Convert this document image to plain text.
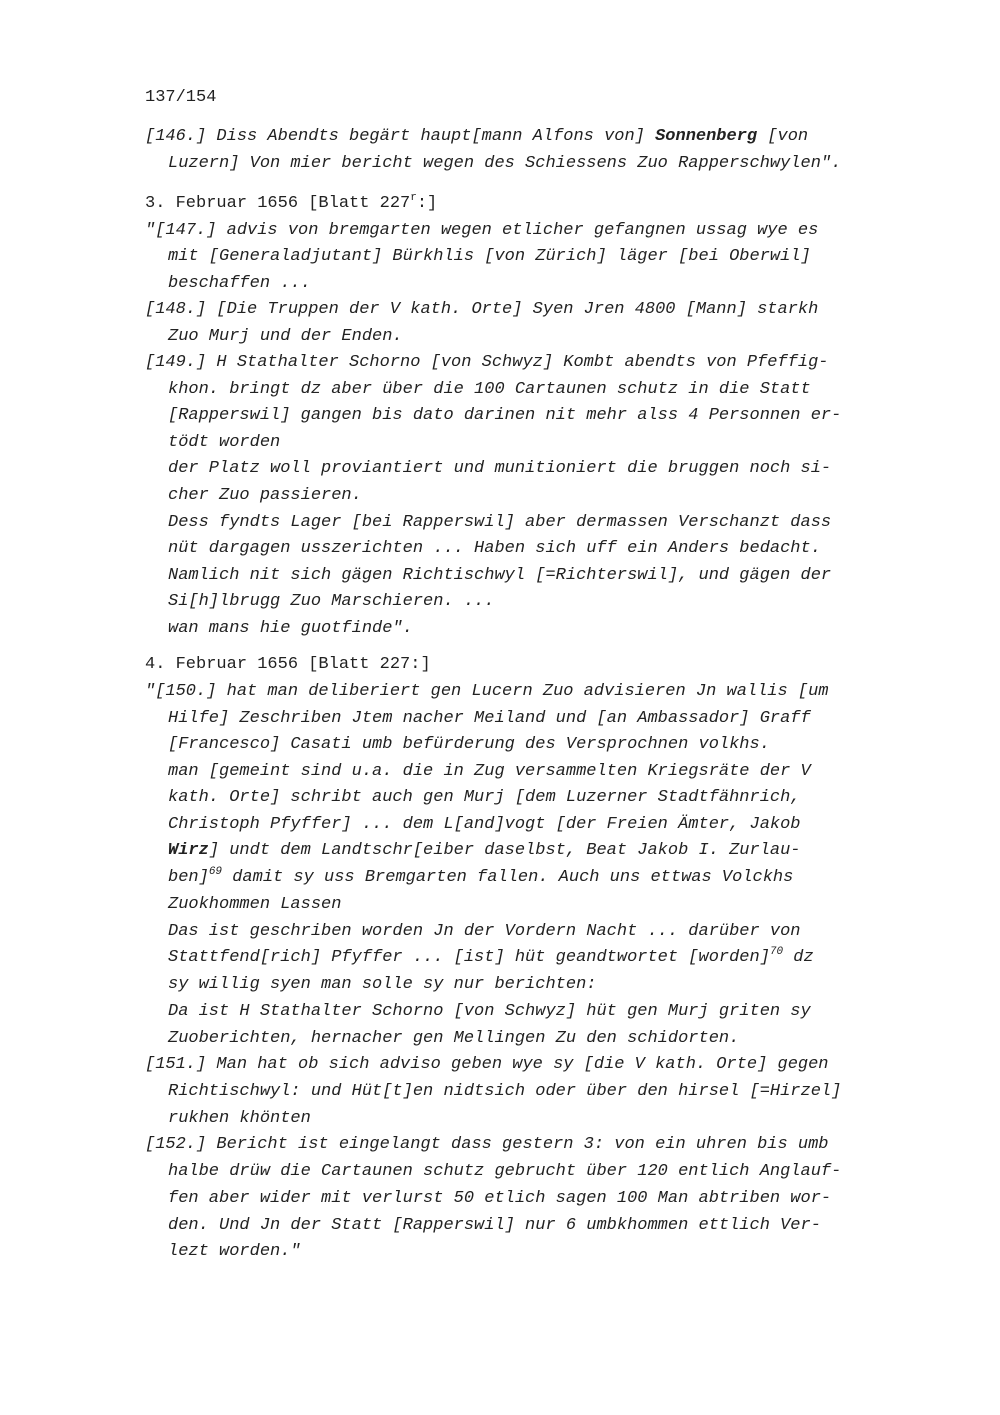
137/154
[146.] Diss Abendts begärt haupt[mann Alfons von] Sonnenberg [von
Luzern] Von mier bericht wegen des Schiessens Zuo Rapperschwylen".
3. Februar 1656 [Blatt 227$^r$:]
"[147.] advis von bremgarten wegen etlicher gefangnen ussag wye es
mit [Generaladjutant] Bürkhlis [von Zürich] läger [bei Oberwil]
beschaffen ...
[148.] [Die Truppen der V kath. Orte] Syen Jren 4800 [Mann] starkh
Zuo Murj und der Enden.
[149.] H Stathalter Schorno [von Schwyz] Kombt abendts von Pfeffig-
khon. bringt dz aber über die 100 Cartaunen schutz in die Statt
[Rapperswil] gangen bis dato darinen nit mehr alss 4 Personnen er-
tödt worden
der Platz woll proviantiert und munitioniert die bruggen noch si-
cher Zuo passieren.
Dess fyndts Lager [bei Rapperswil] aber dermassen Verschanzt dass
nüt dargagen usszerichten ... Haben sich uff ein Anders bedacht.
Namlich nit sich gägen Richtischwyl [=Richterswil], und gägen der
Si[h]lbrugg Zuo Marschieren. ...
wan mans hie guotfinde".
4. Februar 1656 [Blatt 227:]
"[150.] hat man deliberiert gen Lucern Zuo advisieren Jn wallis [um
Hilfe] Zeschriben Jtem nacher Meiland und [an Ambassador] Graff
[Francesco] Casati umb befürderung des Versprochnen volkhs.
man [gemeint sind u.a. die in Zug versammelten Kriegsräte der V
kath. Orte] schribt auch gen Murj [dem Luzerner Stadtfähnrich,
Christoph Pfyffer] ... dem L[and]vogt [der Freien Ämter, Jakob
Wirz] undt dem Landtschr[eiber daselbst, Beat Jakob I. Zurlau-
ben]$^{69}$ damit sy uss Bremgarten fallen. Auch uns ettwas Volckhs
Zuokhommen Lassen
Das ist geschriben worden Jn der Vordern Nacht ... darüber von
Stattfend[rich] Pfyffer ... [ist] hüt geandtwortet [worden]$^{70}$ dz
sy willig syen man solle sy nur berichten:
Da ist H Stathalter Schorno [von Schwyz] hüt gen Murj griten sy
Zuoberichten, hernacher gen Mellingen Zu den schidorten.
[151.] Man hat ob sich adviso geben wye sy [die V kath. Orte] gegen
Richtischwyl: und Hüt[t]en nidtsich oder über den hirsel [=Hirzel]
rukhen khönten
[152.] Bericht ist eingelangt dass gestern 3: von ein uhren bis umb
halbe drüw die Cartaunen schutz gebrucht über 120 entlich Anglauf-
fen aber wider mit verlurst 50 etlich sagen 100 Man abtriben wor-
den. Und Jn der Statt [Rapperswil] nur 6 umbkhommen ettlich Ver-
lezt worden."
